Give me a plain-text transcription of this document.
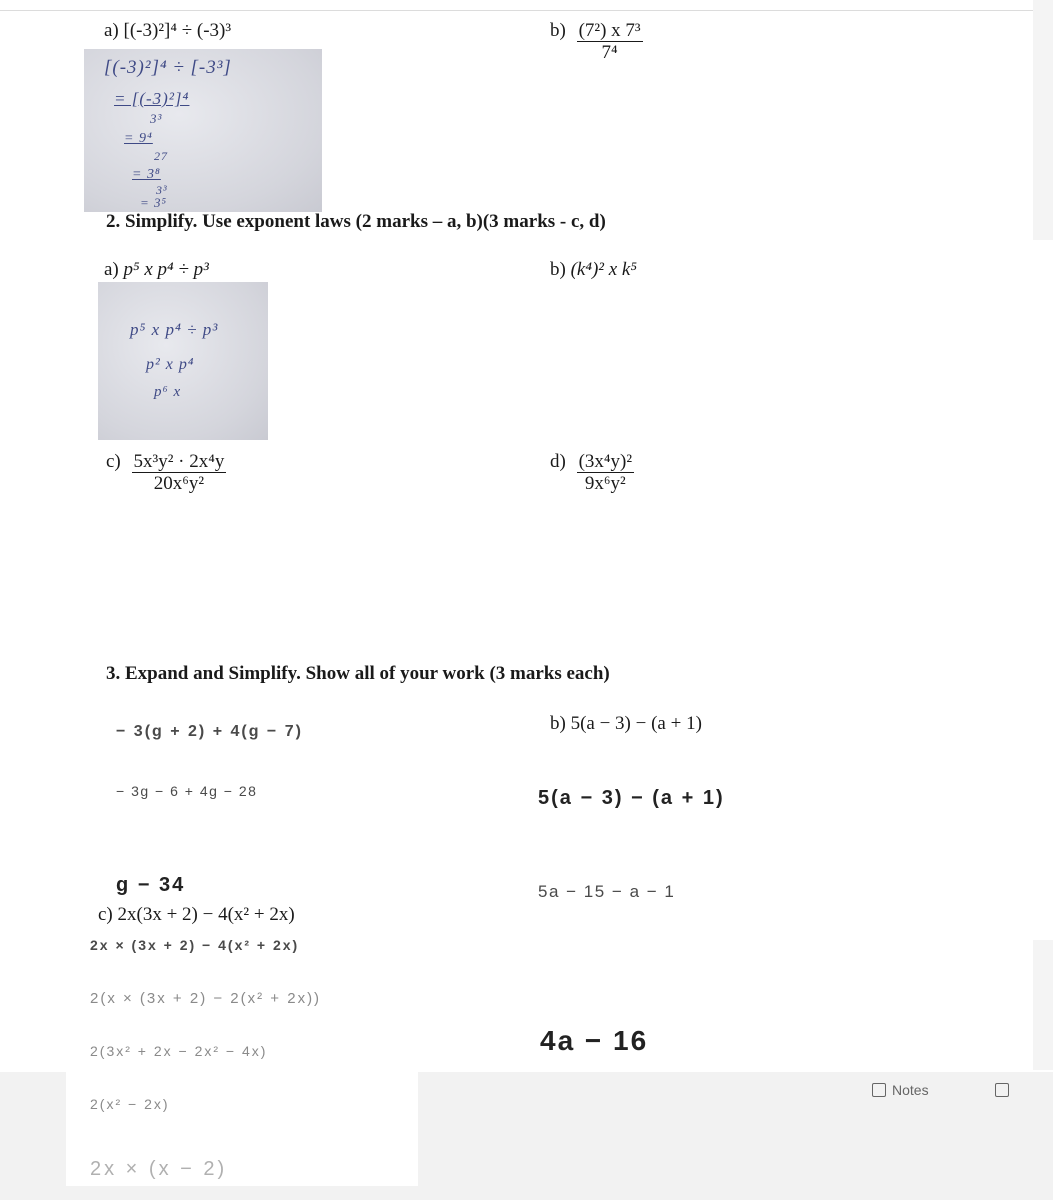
a) [(-3)²]⁴ ÷ (-3)³
[(-3)²]⁴ ÷ [-3³]
= [(-3)²]⁴
3³
= 9⁴
27
= 3⁸
3³
= 3⁵
$b) \frac{\text{(7²) x 7³}}{\text{7⁴}}$
2. Simplify. Use exponent laws (2 marks – a, b)(3 marks - c, d)
a) p⁵ x p⁴ ÷ p³
p⁵ x p⁴ ÷ p³
p² x p⁴
p⁶ x
b) (k⁴)² x k⁵
$c) \frac{\text{5x³y² · 2x⁴y}}{\text{20x⁶y²}}$	$d) \frac{\text{(3x⁴y)²}}{\text{9x⁶y²}}$
3. Expand and Simplify. Show all of your work (3 marks each)
− 3(g + 2) + 4(g − 7)
− 3g − 6 + 4g − 28
g − 34
b) 5(a − 3) − (a + 1)
5(a − 3) − (a + 1)
5a − 15 − a − 1
4a − 16
c) 2x(3x + 2) − 4(x² + 2x)
2x × (3x + 2) − 4(x² + 2x)
2(x × (3x + 2) − 2(x² + 2x))
2(3x² + 2x − 2x² − 4x)
2(x² − 2x)
2x × (x − 2)
Notes
